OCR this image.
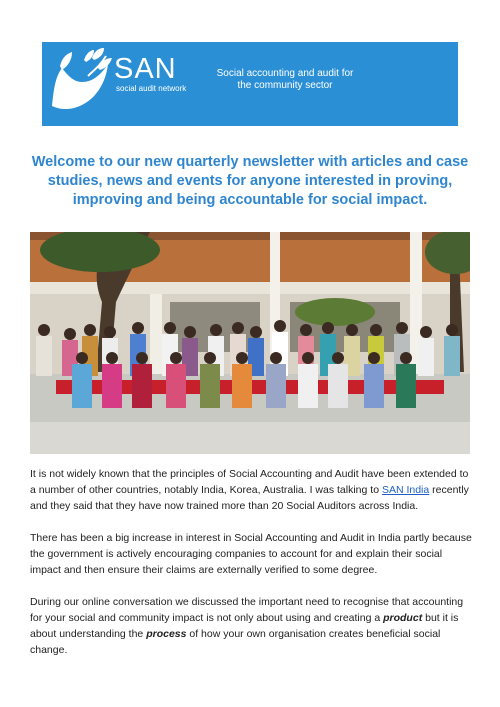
SAN
social audit network
Social accounting and audit for the community sector
Welcome to our new quarterly newsletter with articles and case studies, news and events for anyone interested in proving, improving and being accountable for social impact.

It is not widely known that the principles of Social Accounting and Audit have been extended to a number of other countries, notably India, Korea, Australia. I was talking to SAN India recently and they said that they have now trained more than 20 Social Auditors across India.

There has been a big increase in interest in Social Accounting and Audit in India partly because the government is actively encouraging companies to account for and explain their social impact and then ensure their claims are externally verified to some degree.

During our online conversation we discussed the important need to recognise that accounting for your social and community impact is not only about using and creating a product but it is about understanding the process of how your own organisation creates beneficial social change.
